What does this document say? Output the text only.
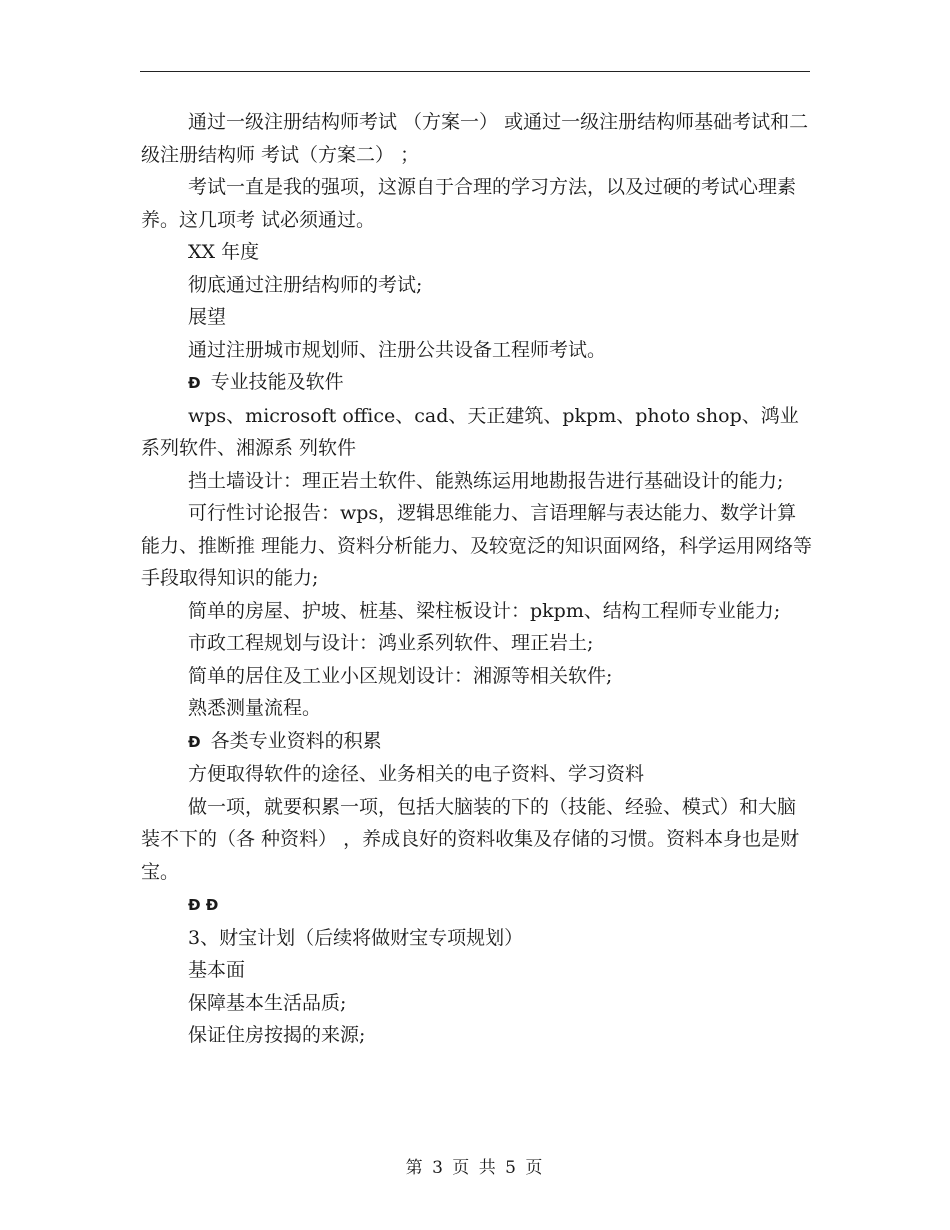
通过一级注册结构师考试 （方案一） 或通过一级注册结构师基础考试和二级注册结构师 考试（方案二） ；

考试一直是我的强项，这源自于合理的学习方法，以及过硬的考试心理素养。这几项考 试必须通过。

XX 年度

彻底通过注册结构师的考试;

展望

通过注册城市规划师、注册公共设备工程师考试。

Ð 专业技能及软件

wps、microsoft office、cad、天正建筑、pkpm、photo shop、鸿业系列软件、湘源系 列软件

挡土墙设计：理正岩土软件、能熟练运用地勘报告进行基础设计的能力;

可行性讨论报告：wps，逻辑思维能力、言语理解与表达能力、数学计算能力、推断推 理能力、资料分析能力、及较宽泛的知识面网络，科学运用网络等手段取得知识的能力;

简单的房屋、护坡、桩基、梁柱板设计：pkpm、结构工程师专业能力;

市政工程规划与设计：鸿业系列软件、理正岩土;

简单的居住及工业小区规划设计：湘源等相关软件;

熟悉测量流程。

Ð 各类专业资料的积累

方便取得软件的途径、业务相关的电子资料、学习资料

做一项，就要积累一项，包括大脑装的下的（技能、经验、模式）和大脑装不下的（各 种资料） ，养成良好的资料收集及存储的习惯。资料本身也是财宝。

Ð Ð

3、财宝计划（后续将做财宝专项规划）

基本面

保障基本生活品质;

保证住房按揭的来源;

第 3 页 共 5 页
